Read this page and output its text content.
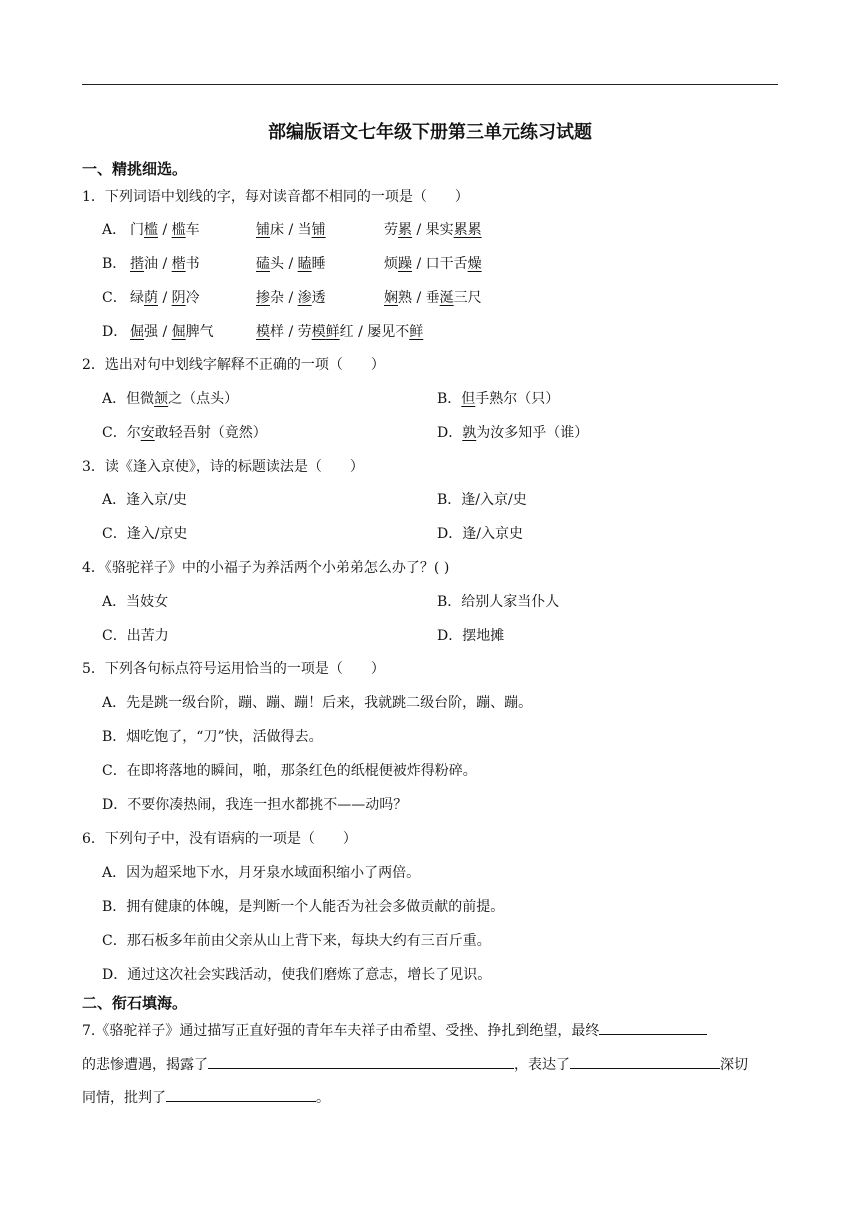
部编版语文七年级下册第三单元练习试题
一、精挑细选。
1．下列词语中划线的字，每对读音都不相同的一项是（　　）
A． 门槛 / 槛车	铺床 / 当铺	劳累 / 果实累累
B． 揩油 / 楷书	磕头 / 瞌睡	烦躁 / 口干舌燥
C． 绿荫 / 阴冷	掺杂 / 渗透	娴熟 / 垂涎三尺
D． 倔强 / 倔脾气	模样 / 劳模鲜红 / 屡见不鲜
2．选出对句中划线字解释不正确的一项（　　）
A．但微颔之（点头）	B．但手熟尔（只）
C．尔安敢轻吾射（竟然）	D．孰为汝多知乎（谁）
3．读《逢入京使》，诗的标题读法是（　　）
A．逢入京/史	B．逢/入京/史
C．逢入/京史	D．逢/入京史
4．《骆驼祥子》中的小福子为养活两个小弟弟怎么办了？( )
A．当妓女	B．给别人家当仆人
C．出苦力	D．摆地摊
5．下列各句标点符号运用恰当的一项是（　　）
A．先是跳一级台阶，蹦、蹦、蹦！后来，我就跳二级台阶，蹦、蹦。
B．烟吃饱了，“刀”快，活做得去。
C．在即将落地的瞬间，啪，那条红色的纸棍便被炸得粉碎。
D．不要你凑热闹，我连一担水都挑不——动吗？
6．下列句子中，没有语病的一项是（　　）
A．因为超采地下水，月牙泉水域面积缩小了两倍。
B．拥有健康的体魄，是判断一个人能否为社会多做贡献的前提。
C．那石板多年前由父亲从山上背下来，每块大约有三百斤重。
D．通过这次社会实践活动，使我们磨炼了意志，增长了见识。
二、衔石填海。
7.《骆驼祥子》通过描写正直好强的青年车夫祥子由希望、受挫、挣扎到绝望，最终
的悲惨遭遇，揭露了	，表达了	深切
同情，批判了	。
